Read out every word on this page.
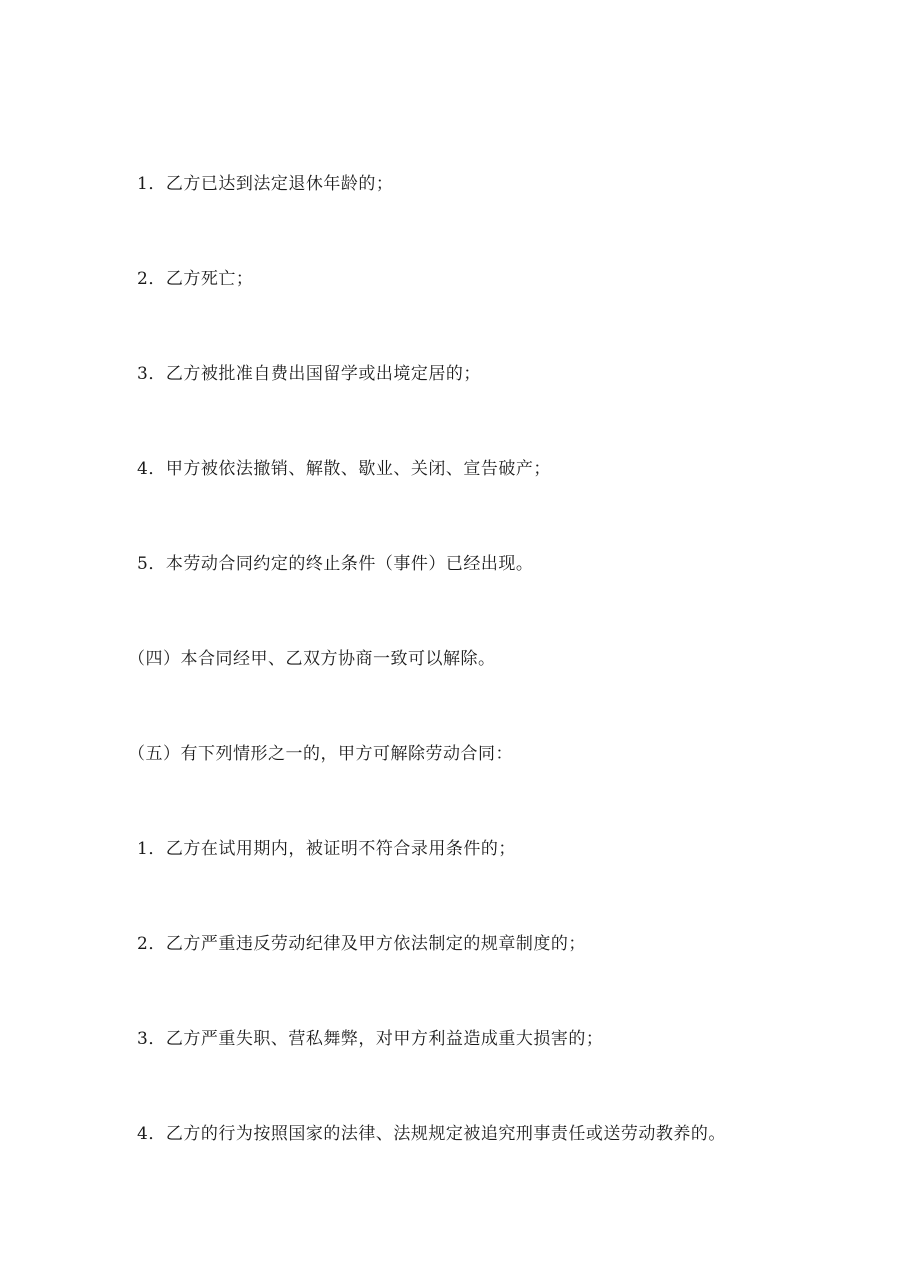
1．乙方已达到法定退休年龄的；
2．乙方死亡；
3．乙方被批准自费出国留学或出境定居的；
4．甲方被依法撤销、解散、歇业、关闭、宣告破产；
5．本劳动合同约定的终止条件（事件）已经出现。
（四）本合同经甲、乙双方协商一致可以解除。
（五）有下列情形之一的，甲方可解除劳动合同：
1．乙方在试用期内，被证明不符合录用条件的；
2．乙方严重违反劳动纪律及甲方依法制定的规章制度的；
3．乙方严重失职、营私舞弊，对甲方利益造成重大损害的；
4．乙方的行为按照国家的法律、法规规定被追究刑事责任或送劳动教养的。
